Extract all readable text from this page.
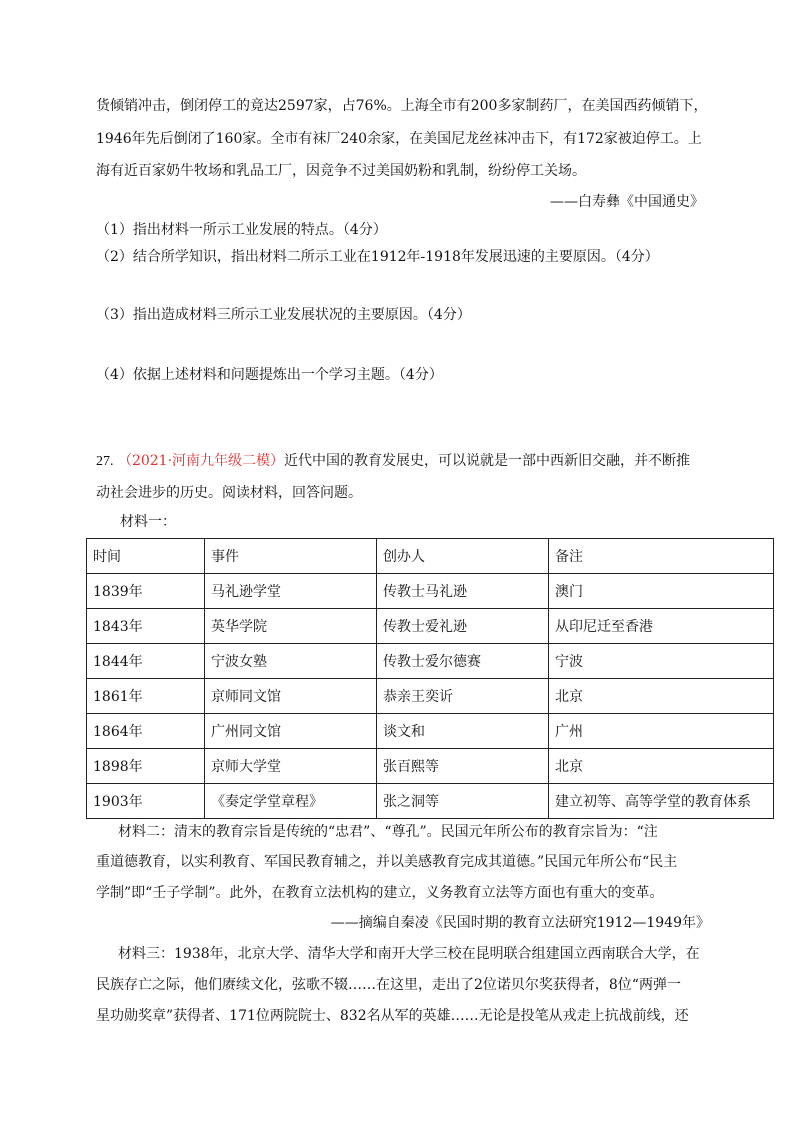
货倾销冲击，倒闭停工的竟达2597家，占76%。上海全市有200多家制药厂，在美国西药倾销下，
1946年先后倒闭了160家。全市有袜厂240余家，在美国尼龙丝袜冲击下，有172家被迫停工。上
海有近百家奶牛牧场和乳品工厂，因竞争不过美国奶粉和乳制，纷纷停工关场。
——白寿彝《中国通史》
（1）指出材料一所示工业发展的特点。（4分）
（2）结合所学知识，指出材料二所示工业在1912年-1918年发展迅速的主要原因。（4分）
（3）指出造成材料三所示工业发展状况的主要原因。（4分）
（4）依据上述材料和问题提炼出一个学习主题。（4分）
27. （2021·河南九年级二模）近代中国的教育发展史，可以说就是一部中西新旧交融，并不断推
动社会进步的历史。阅读材料，回答问题。
材料一：
时间	事件	创办人	备注
1839年	马礼逊学堂	传教士马礼逊	澳门
1843年	英华学院	传教士爱礼逊	从印尼迁至香港
1844年	宁波女塾	传教士爱尔德赛	宁波
1861年	京师同文馆	恭亲王奕䜣	北京
1864年	广州同文馆	谈文和	广州
1898年	京师大学堂	张百熙等	北京
1903年	《奏定学堂章程》	张之洞等	建立初等、高等学堂的教育体系
材料二：清末的教育宗旨是传统的“忠君”、“尊孔”。民国元年所公布的教育宗旨为：“注
重道德教育，以实利教育、军国民教育辅之，并以美感教育完成其道德。”民国元年所公布“民主
学制”即“壬子学制”。此外，在教育立法机构的建立，义务教育立法等方面也有重大的变革。
——摘编自秦凌《民国时期的教育立法研究1912—1949年》
材料三：1938年，北京大学、清华大学和南开大学三校在昆明联合组建国立西南联合大学，在
民族存亡之际，他们赓续文化，弦歌不辍……在这里，走出了2位诺贝尔奖获得者，8位“两弹一
星功勋奖章”获得者、171位两院院士、832名从军的英雄……无论是投笔从戎走上抗战前线，还
